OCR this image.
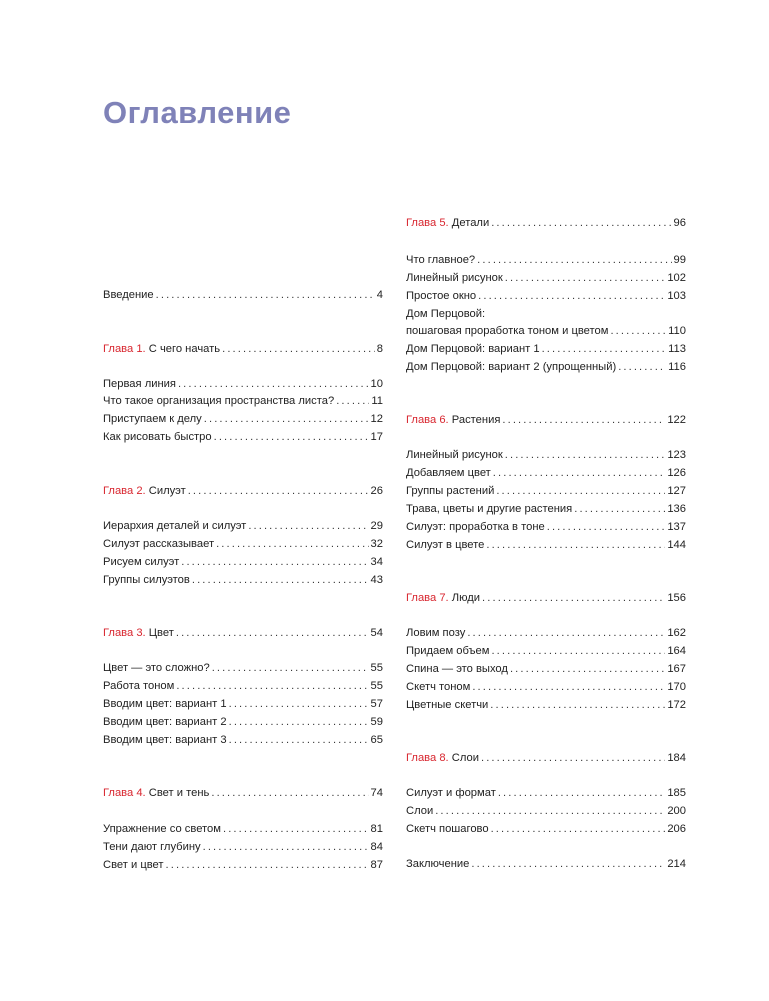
Оглавление
Введение . . .	4
Глава 1. С чего начать . . .	8
Первая линия . . .	10
Что такое организация пространства листа? . . .	11
Приступаем к делу . . .	12
Как рисовать быстро . . .	17
Глава 2. Силуэт . . .	26
Иерархия деталей и силуэт . . .	29
Силуэт рассказывает . . .	32
Рисуем силуэт . . .	34
Группы силуэтов . . .	43
Глава 3. Цвет . . .	54
Цвет — это сложно? . . .	55
Работа тоном . . .	55
Вводим цвет: вариант 1 . . .	57
Вводим цвет: вариант 2 . . .	59
Вводим цвет: вариант 3 . . .	65
Глава 4. Свет и тень . . .	74
Упражнение со светом . . .	81
Тени дают глубину . . .	84
Свет и цвет . . .	87
Глава 5. Детали . . .	96
Что главное? . . .	99
Линейный рисунок . . .	102
Простое окно . . .	103
Дом Перцовой:
пошаговая проработка тоном и цветом . . .	110
Дом Перцовой: вариант 1 . . .	113
Дом Перцовой: вариант 2 (упрощенный) . . .	116
Глава 6. Растения . . .	122
Линейный рисунок . . .	123
Добавляем цвет . . .	126
Группы растений . . .	127
Трава, цветы и другие растения . . .	136
Силуэт: проработка в тоне . . .	137
Силуэт в цвете . . .	144
Глава 7. Люди . . .	156
Ловим позу . . .	162
Придаем объем . . .	164
Спина — это выход . . .	167
Скетч тоном . . .	170
Цветные скетчи . . .	172
Глава 8. Слои . . .	184
Силуэт и формат . . .	185
Слои . . .	200
Скетч пошагово . . .	206
Заключение . . .	214
